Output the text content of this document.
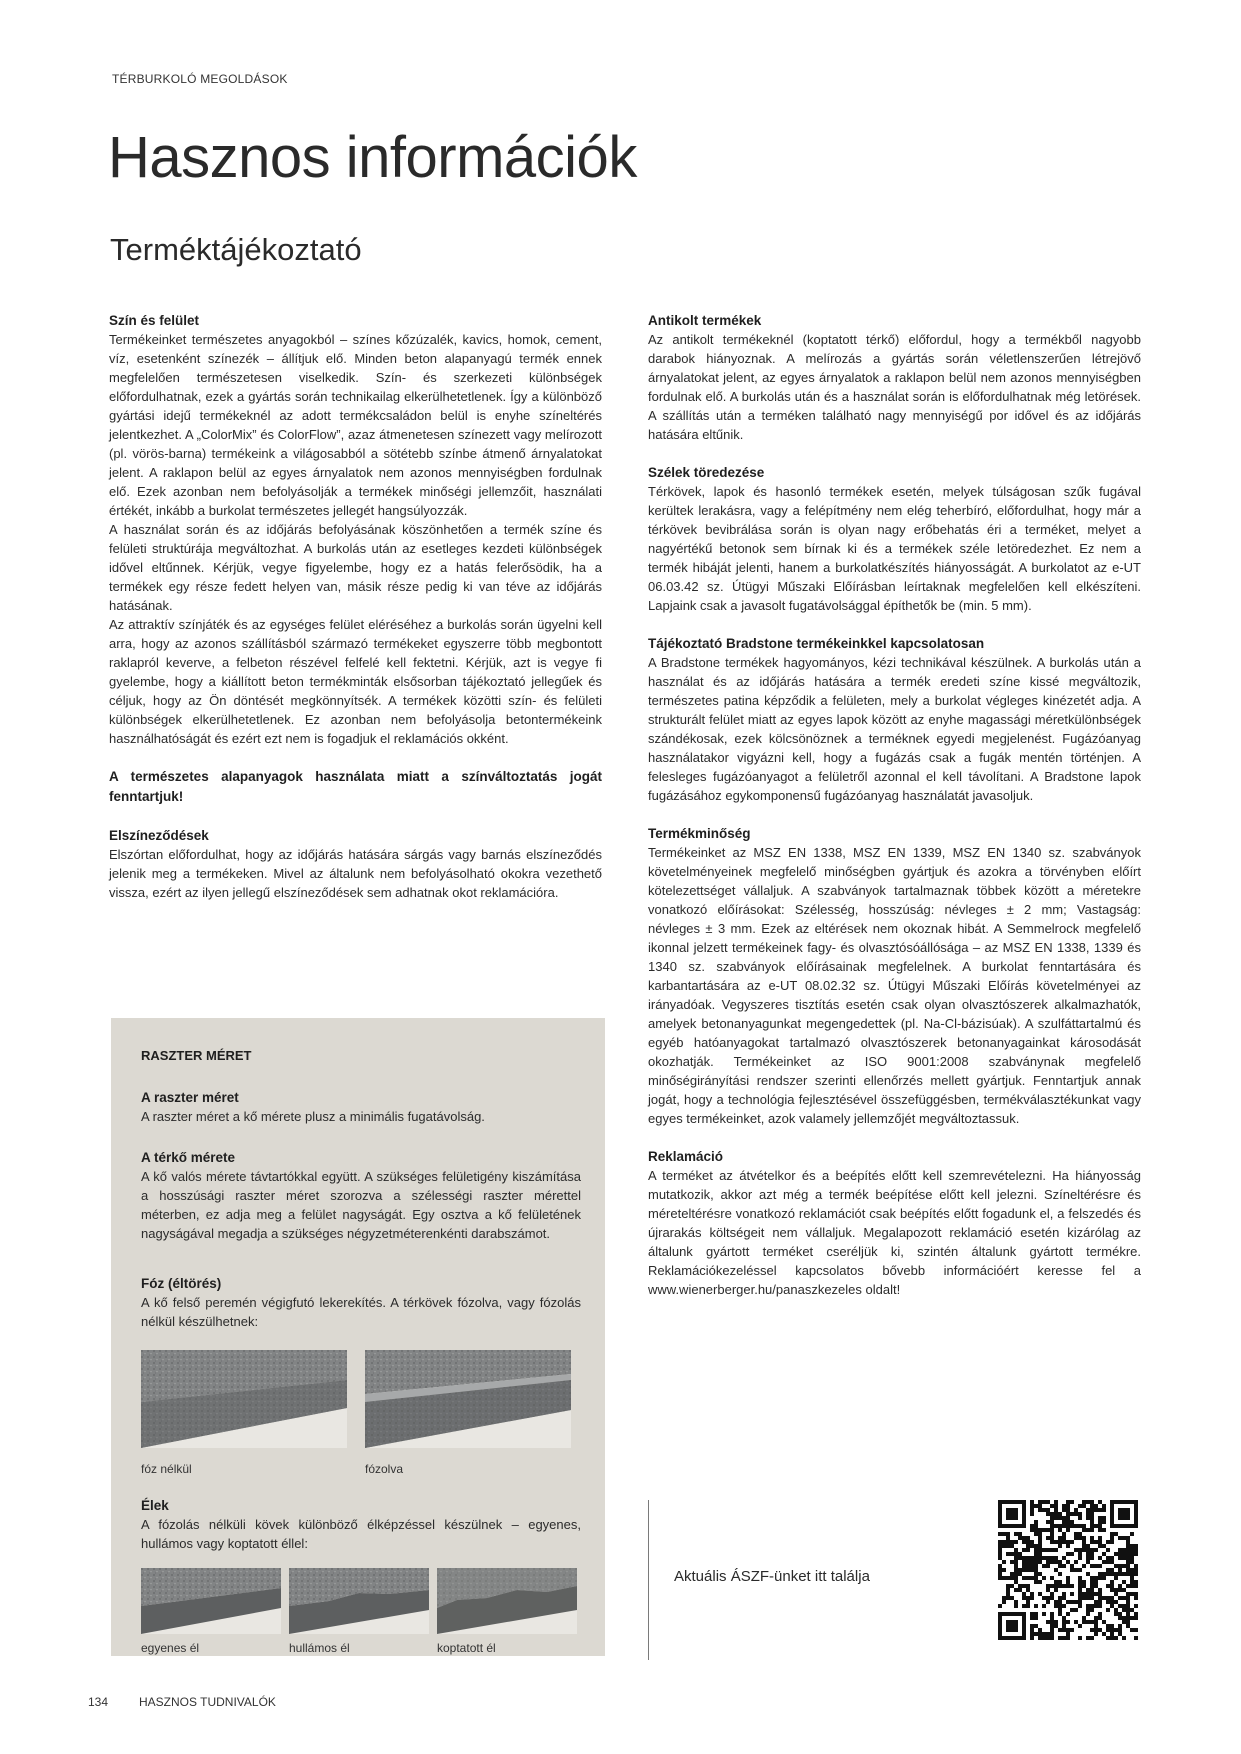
TÉRBURKOLÓ MEGOLDÁSOK
Hasznos információk
Terméktájékoztató
Szín és felület

Termékeinket természetes anyagokból – színes kőzúzalék, kavics, homok, cement, víz, esetenként színezék – állítjuk elő. Minden beton alapanyagú termék ennek megfelelően természetesen viselkedik. Szín- és szerkezeti különbségek előfordulhatnak, ezek a gyártás során technikailag elkerülhetetlenek. Így a különböző gyártási idejű termékeknél az adott termékcsaládon belül is enyhe színeltérés jelentkezhet. A „ColorMix” és ColorFlow”, azaz átmenetesen színezett vagy melírozott (pl. vörös-barna) termékeink a világosabból a sötétebb színbe átmenő árnyalatokat jelent. A raklapon belül az egyes árnyalatok nem azonos mennyiségben fordulnak elő. Ezek azonban nem befolyásolják a termékek minőségi jellemzőit, használati értékét, inkább a burkolat természetes jellegét hangsúlyozzák.

A használat során és az időjárás befolyásának köszönhetően a termék színe és felületi struktúrája megváltozhat. A burkolás után az esetleges kezdeti különbségek idővel eltűnnek. Kérjük, vegye figyelembe, hogy ez a hatás felerősödik, ha a termékek egy része fedett helyen van, másik része pedig ki van téve az időjárás hatásának.

Az attraktív színjáték és az egységes felület eléréséhez a burkolás során ügyelni kell arra, hogy az azonos szállításból származó termékeket egyszerre több megbontott raklapról keverve, a felbeton részével felfelé kell fektetni. Kérjük, azt is vegye fi gyelembe, hogy a kiállított beton termékminták elsősorban tájékoztató jellegűek és céljuk, hogy az Ön döntését megkönnyítsék. A termékek közötti szín- és felületi különbségek elkerülhetetlenek. Ez azonban nem befolyásolja betontermékeink használhatóságát és ezért ezt nem is fogadjuk el reklamációs okként.

A természetes alapanyagok használata miatt a színváltoztatás jogát fenntartjuk!

Elszíneződések

Elszórtan előfordulhat, hogy az időjárás hatására sárgás vagy barnás elszíneződés jelenik meg a termékeken. Mivel az általunk nem befolyásolható okokra vezethető vissza, ezért az ilyen jellegű elszíneződések sem adhatnak okot reklamációra.

RASZTER MÉRET
A raszter méret

A raszter méret a kő mérete plusz a minimális fugatávolság.

A térkő mérete

A kő valós mérete távtartókkal együtt. A szükséges felületigény kiszámítása a hosszúsági raszter méret szorozva a szélességi raszter mérettel méterben, ez adja meg a felület nagyságát. Egy osztva a kő felületének nagyságával megadja a szükséges négyzetméterenkénti darabszámot.

Fóz (éltörés)

A kő felső peremén végigfutó lekerekítés. A térkövek fózolva, vagy fózolás nélkül készülhetnek:

fóz nélkül	fózolva
Élek

A fózolás nélküli kövek különböző élképzéssel készülnek – egyenes, hullámos vagy koptatott éllel:

egyenes él	hullámos él	koptatott él
Antikolt termékek

Az antikolt termékeknél (koptatott térkő) előfordul, hogy a termékből nagyobb darabok hiányoznak. A melírozás a gyártás során véletlenszerűen létrejövő árnyalatokat jelent, az egyes árnyalatok a raklapon belül nem azonos mennyiségben fordulnak elő. A burkolás után és a használat során is előfordulhatnak még letörések. A szállítás után a terméken található nagy mennyiségű por idővel és az időjárás hatására eltűnik.

Szélek töredezése

Térkövek, lapok és hasonló termékek esetén, melyek túlságosan szűk fugával kerültek lerakásra, vagy a felépítmény nem elég teherbíró, előfordulhat, hogy már a térkövek bevibrálása során is olyan nagy erőbehatás éri a terméket, melyet a nagyértékű betonok sem bírnak ki és a termékek széle letöredezhet. Ez nem a termék hibáját jelenti, hanem a burkolatkészítés hiányosságát. A burkolatot az e-UT 06.03.42 sz. Útügyi Műszaki Előírásban leírtaknak megfelelően kell elkészíteni. Lapjaink csak a javasolt fugatávolsággal építhetők be (min. 5 mm).

Tájékoztató Bradstone termékeinkkel kapcsolatosan

A Bradstone termékek hagyományos, kézi technikával készülnek. A burkolás után a használat és az időjárás hatására a termék eredeti színe kissé megváltozik, természetes patina képződik a felületen, mely a burkolat végleges kinézetét adja. A strukturált felület miatt az egyes lapok között az enyhe magassági méretkülönbségek szándékosak, ezek kölcsönöznek a terméknek egyedi megjelenést. Fugázóanyag használatakor vigyázni kell, hogy a fugázás csak a fugák mentén történjen. A felesleges fugázóanyagot a felületről azonnal el kell távolítani. A Bradstone lapok fugázásához egykomponensű fugázóanyag használatát javasoljuk.

Termékminőség

Termékeinket az MSZ EN 1338, MSZ EN 1339, MSZ EN 1340 sz. szabványok követelményeinek megfelelő minőségben gyártjuk és azokra a törvényben előírt kötelezettséget vállaljuk. A szabványok tartalmaznak többek között a méretekre vonatkozó előírásokat: Szélesség, hosszúság: névleges ± 2 mm; Vastagság: névleges ± 3 mm. Ezek az eltérések nem okoznak hibát. A Semmelrock megfelelő ikonnal jelzett termékeinek fagy- és olvasztósóállósága – az MSZ EN 1338, 1339 és 1340 sz. szabványok előírásainak megfelelnek. A burkolat fenntartására és karbantartására az e-UT 08.02.32 sz. Útügyi Műszaki Előírás követelményei az irányadóak. Vegyszeres tisztítás esetén csak olyan olvasztószerek alkalmazhatók, amelyek betonanyagunkat megengedettek (pl. Na-Cl-bázisúak). A szulfáttartalmú és egyéb hatóanyagokat tartalmazó olvasztószerek betonanyagainkat károsodását okozhatják. Termékeinket az ISO 9001:2008 szabványnak megfelelő minőségirányítási rendszer szerinti ellenőrzés mellett gyártjuk. Fenntartjuk annak jogát, hogy a technológia fejlesztésével összefüggésben, termékválasztékunkat vagy egyes termékeinket, azok valamely jellemzőjét megváltoztassuk.

Reklamáció

A terméket az átvételkor és a beépítés előtt kell szemrevételezni. Ha hiányosság mutatkozik, akkor azt még a termék beépítése előtt kell jelezni. Színeltérésre és méreteltérésre vonatkozó reklamációt csak beépítés előtt fogadunk el, a felszedés és újrarakás költségeit nem vállaljuk. Megalapozott reklamáció esetén kizárólag az általunk gyártott terméket cseréljük ki, szintén általunk gyártott termékre. Reklamációkezeléssel kapcsolatos bővebb információért keresse fel a www.wienerberger.hu/panaszkezeles oldalt!

Aktuális ÁSZF-ünket itt találja
134	HASZNOS TUDNIVALÓK
